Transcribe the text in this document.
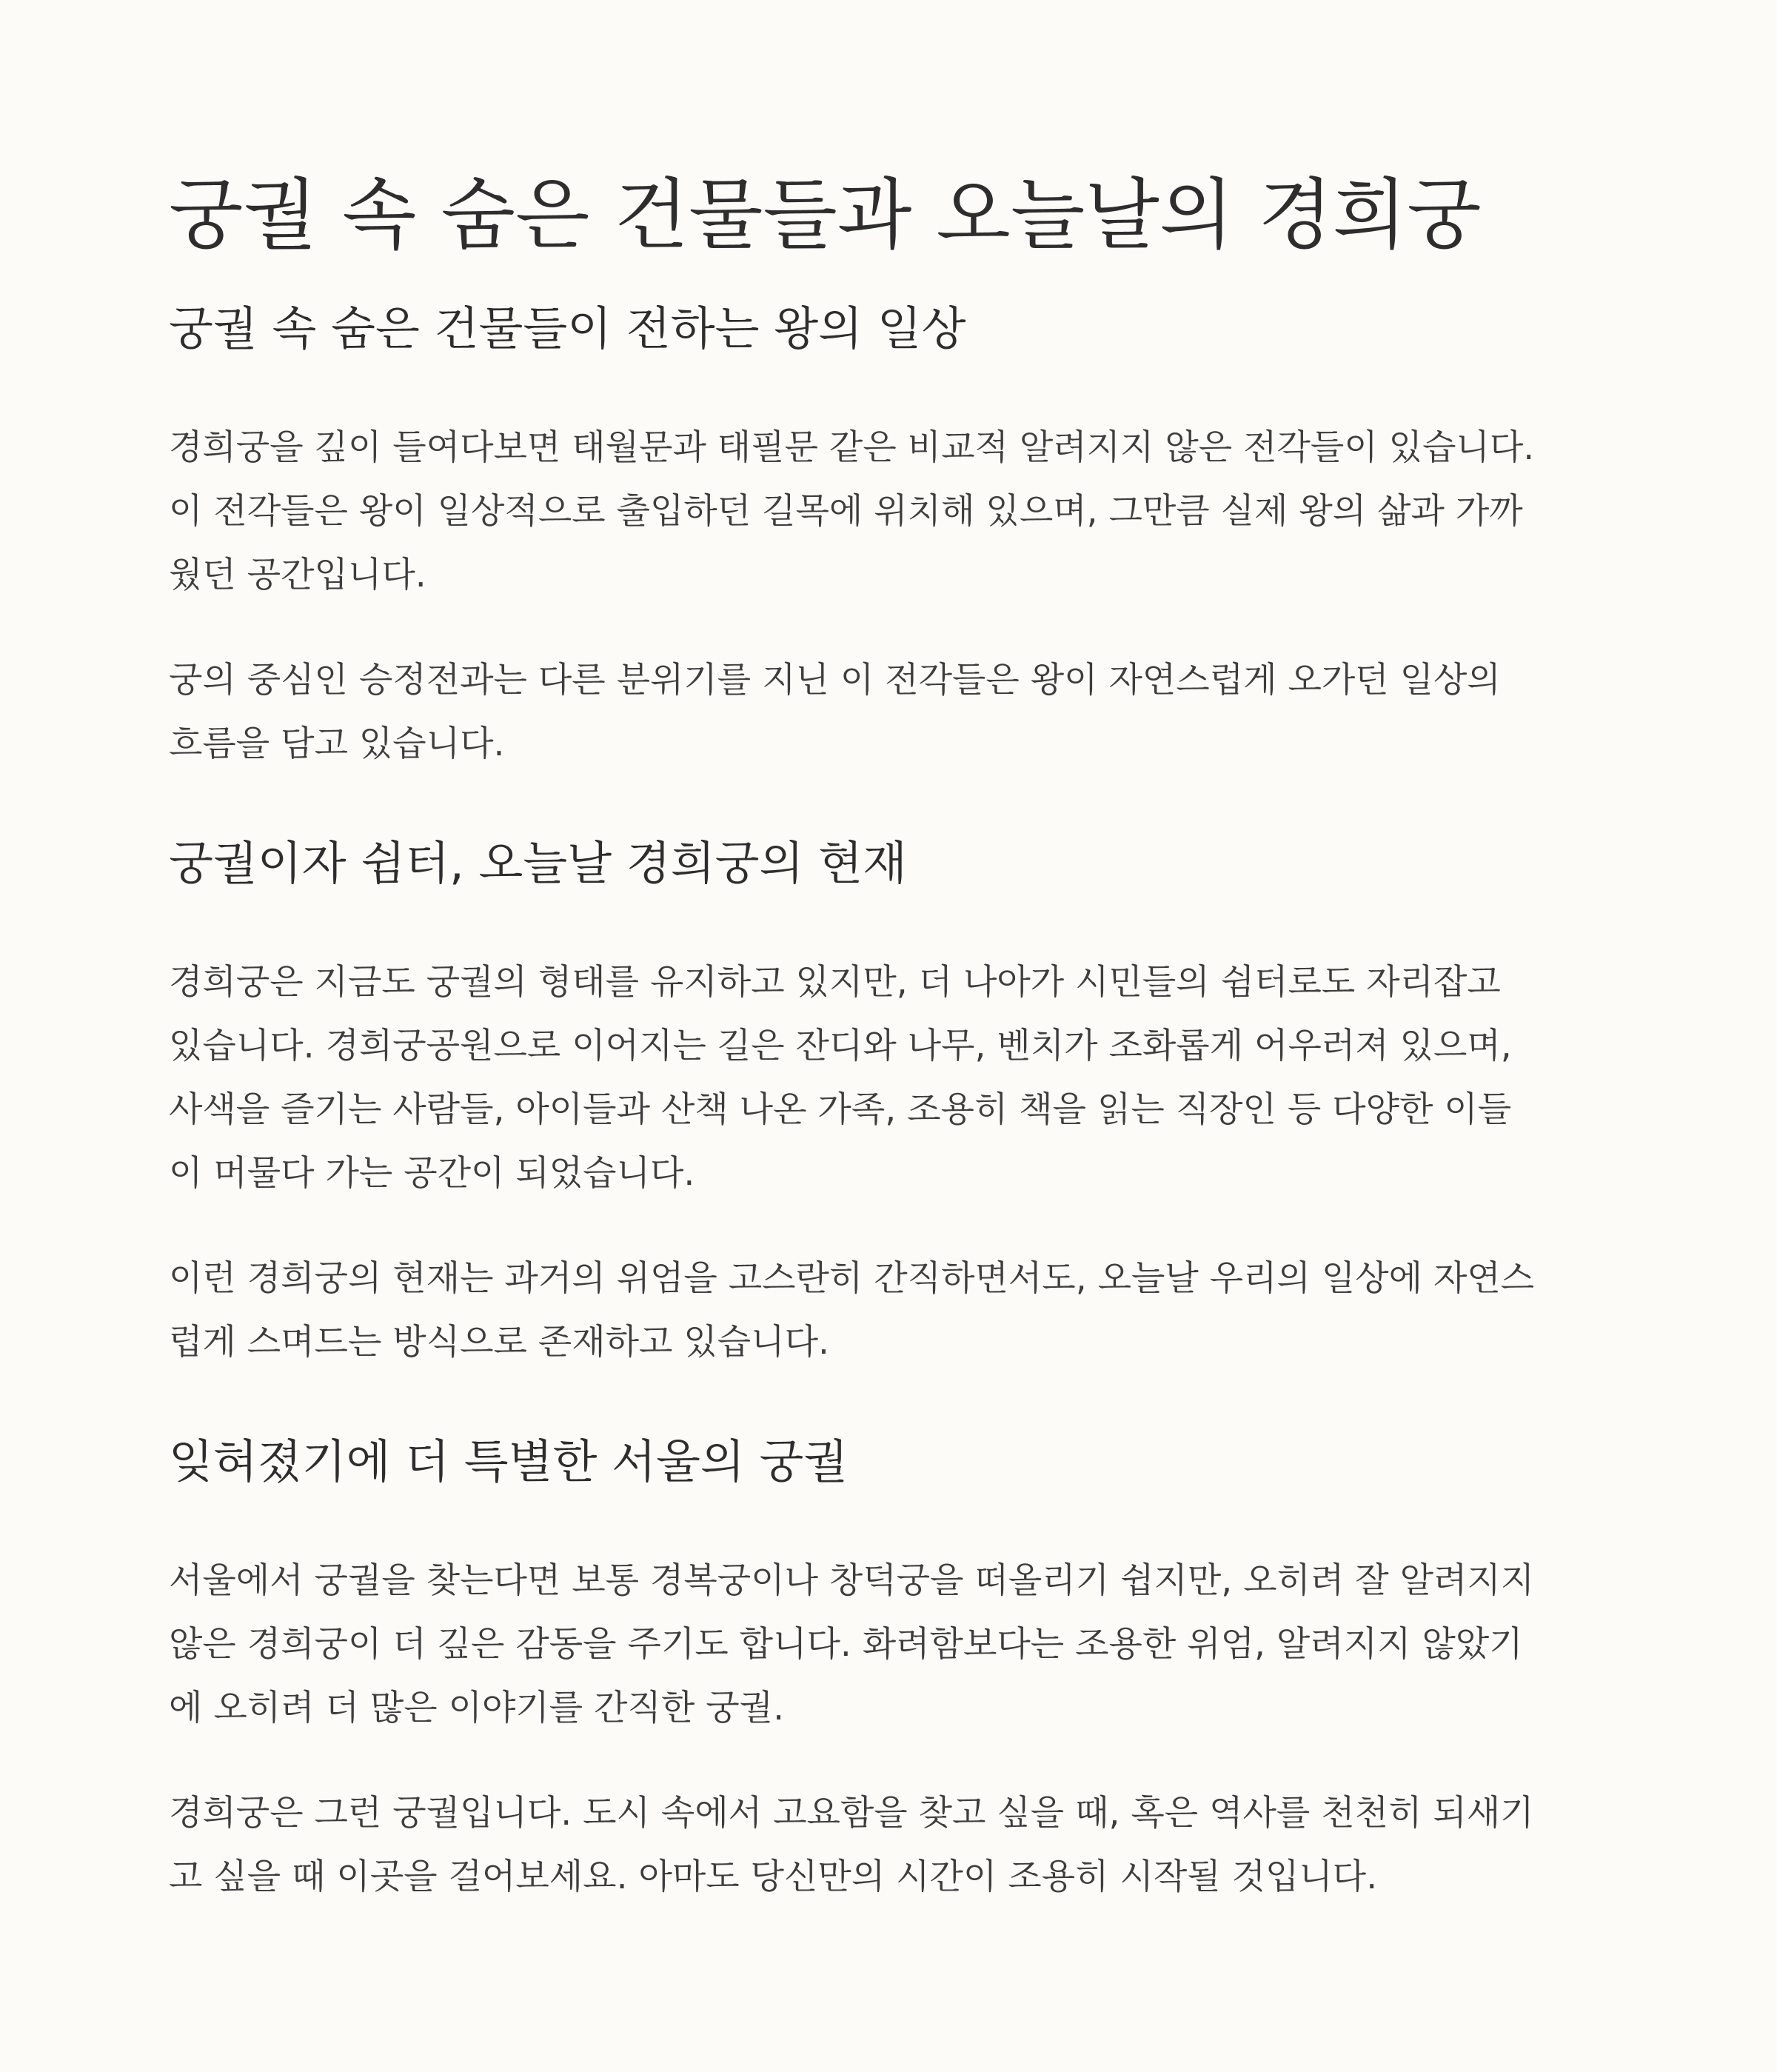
궁궐 속 숨은 건물들과 오늘날의 경희궁
궁궐 속 숨은 건물들이 전하는 왕의 일상

경희궁을 깊이 들여다보면 태월문과 태필문 같은 비교적 알려지지 않은 전각들이 있습니다.
이 전각들은 왕이 일상적으로 출입하던 길목에 위치해 있으며, 그만큼 실제 왕의 삶과 가까
웠던 공간입니다.

궁의 중심인 승정전과는 다른 분위기를 지닌 이 전각들은 왕이 자연스럽게 오가던 일상의
흐름을 담고 있습니다.

궁궐이자 쉼터, 오늘날 경희궁의 현재

경희궁은 지금도 궁궐의 형태를 유지하고 있지만, 더 나아가 시민들의 쉼터로도 자리잡고
있습니다. 경희궁공원으로 이어지는 길은 잔디와 나무, 벤치가 조화롭게 어우러져 있으며,
사색을 즐기는 사람들, 아이들과 산책 나온 가족, 조용히 책을 읽는 직장인 등 다양한 이들
이 머물다 가는 공간이 되었습니다.

이런 경희궁의 현재는 과거의 위엄을 고스란히 간직하면서도, 오늘날 우리의 일상에 자연스
럽게 스며드는 방식으로 존재하고 있습니다.

잊혀졌기에 더 특별한 서울의 궁궐

서울에서 궁궐을 찾는다면 보통 경복궁이나 창덕궁을 떠올리기 쉽지만, 오히려 잘 알려지지
않은 경희궁이 더 깊은 감동을 주기도 합니다. 화려함보다는 조용한 위엄, 알려지지 않았기
에 오히려 더 많은 이야기를 간직한 궁궐.

경희궁은 그런 궁궐입니다. 도시 속에서 고요함을 찾고 싶을 때, 혹은 역사를 천천히 되새기
고 싶을 때 이곳을 걸어보세요. 아마도 당신만의 시간이 조용히 시작될 것입니다.
